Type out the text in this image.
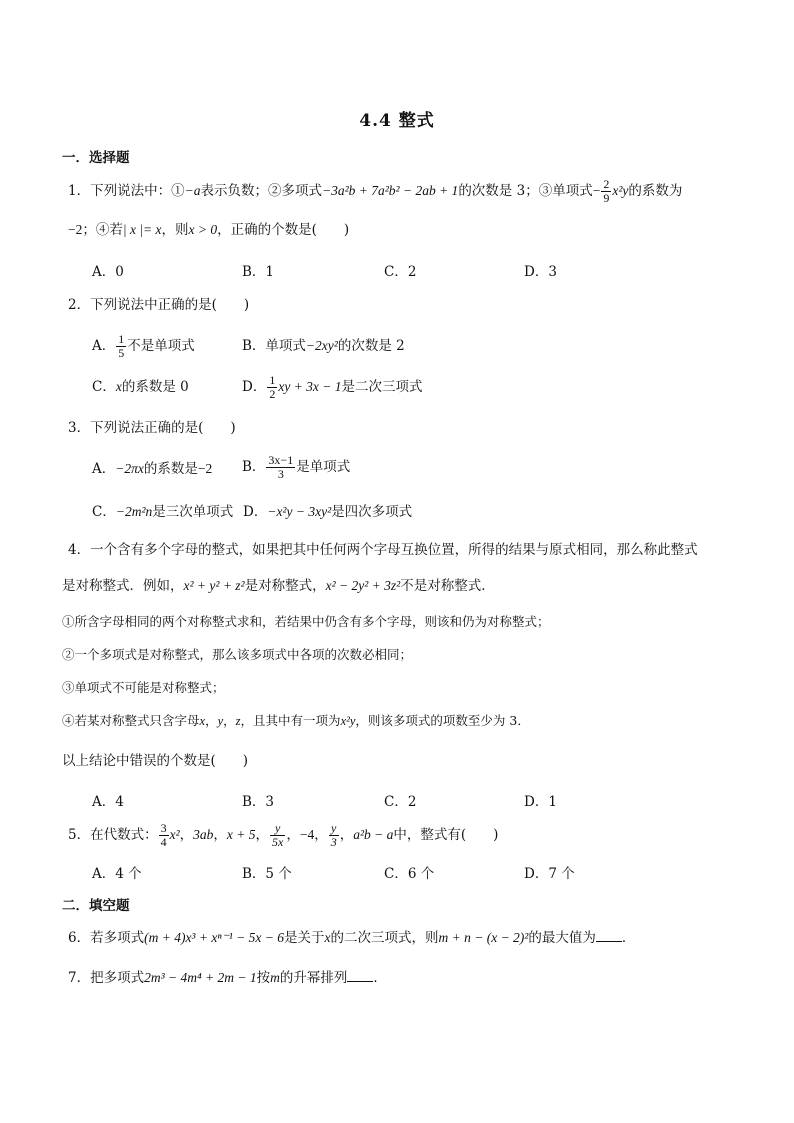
4.4 整式
一．选择题
1．下列说法中：①−a表示负数；②多项式−3a²b + 7a²b² − 2ab + 1的次数是 3；③单项式− $\frac{2}{9} x^2y$的系数为
−2；④若| x |= x，则x > 0，正确的个数是(　　)
A．0	B．1	C．2	D．3
2．下列说法中正确的是(　　)
A． $\frac{1}{5}$ 不是单项式	B．单项式−2xy²的次数是 2
C．x的系数是 0	D． $\frac{1}{2}$ xy + 3x − 1是二次三项式
3．下列说法正确的是(　　)
A．−2πx的系数是−2 B． $\frac{3x-1}{3}$ 是单项式
C．−2m²n是三次单项式 D．−x²y − 3xy²是四次多项式
4．一个含有多个字母的整式，如果把其中任何两个字母互换位置，所得的结果与原式相同，那么称此整式
是对称整式．例如，x² + y² + z²是对称整式，x² − 2y² + 3z²不是对称整式．
①所含字母相同的两个对称整式求和，若结果中仍含有多个字母，则该和仍为对称整式；
②一个多项式是对称整式，那么该多项式中各项的次数必相同；
③单项式不可能是对称整式；
④若某对称整式只含字母x，y，z，且其中有一项为x²y，则该多项式的项数至少为 3．
以上结论中错误的个数是(　　)
A．4	B．3	C．2	D．1
5．在代数式： $\frac{3}{4} x^2$，3ab，x + 5， $\frac{y}{5x}$ ，−4， $\frac{y}{3}$ ，a²b − a中，整式有(　　)
A．4 个	B．5 个	C．6 个	D．7 个
二．填空题
6．若多项式(m + 4)x³ + xⁿ⁻¹ − 5x − 6是关于x的二次三项式，则m + n − (x − 2)²的最大值为 ．
7．把多项式2m³ − 4m⁴ + 2m − 1按m的升幂排列 ．
